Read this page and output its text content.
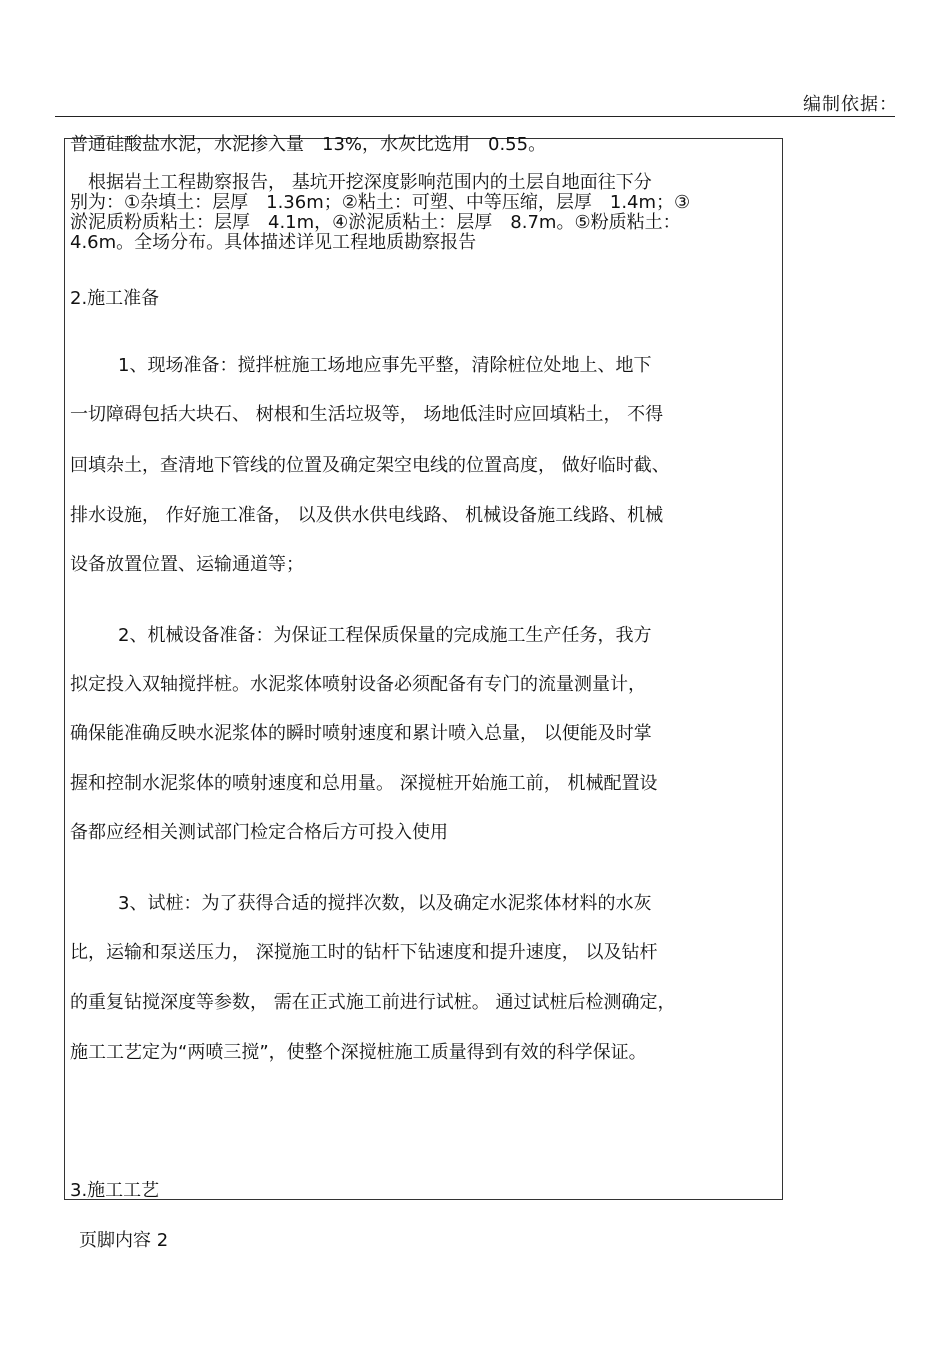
编制依据：
普通硅酸盐水泥，水泥掺入量　13%，水灰比选用　0.55。
　根据岩土工程勘察报告， 基坑开挖深度影响范围内的土层自地面往下分
别为：①杂填土：层厚　1.36m；②粘土：可塑、中等压缩，层厚　1.4m；③
淤泥质粉质粘土：层厚　4.1m，④淤泥质粘土：层厚　8.7m。⑤粉质粘土：
4.6m。全场分布。具体描述详见工程地质勘察报告
2.施工准备
1、现场准备：搅拌桩施工场地应事先平整，清除桩位处地上、地下
一切障碍包括大块石、 树根和生活垃圾等， 场地低洼时应回填粘土， 不得
回填杂土，查清地下管线的位置及确定架空电线的位置高度， 做好临时截、
排水设施， 作好施工准备， 以及供水供电线路、 机械设备施工线路、机械
设备放置位置、运输通道等；
2、机械设备准备：为保证工程保质保量的完成施工生产任务，我方
拟定投入双轴搅拌桩。水泥浆体喷射设备必须配备有专门的流量测量计，
确保能准确反映水泥浆体的瞬时喷射速度和累计喷入总量， 以便能及时掌
握和控制水泥浆体的喷射速度和总用量。 深搅桩开始施工前， 机械配置设
备都应经相关测试部门检定合格后方可投入使用
3、试桩：为了获得合适的搅拌次数，以及确定水泥浆体材料的水灰
比，运输和泵送压力， 深搅施工时的钻杆下钻速度和提升速度， 以及钻杆
的重复钻搅深度等参数， 需在正式施工前进行试桩。 通过试桩后检测确定，
施工工艺定为“两喷三搅”，使整个深搅桩施工质量得到有效的科学保证。
3.施工工艺
页脚内容 2
